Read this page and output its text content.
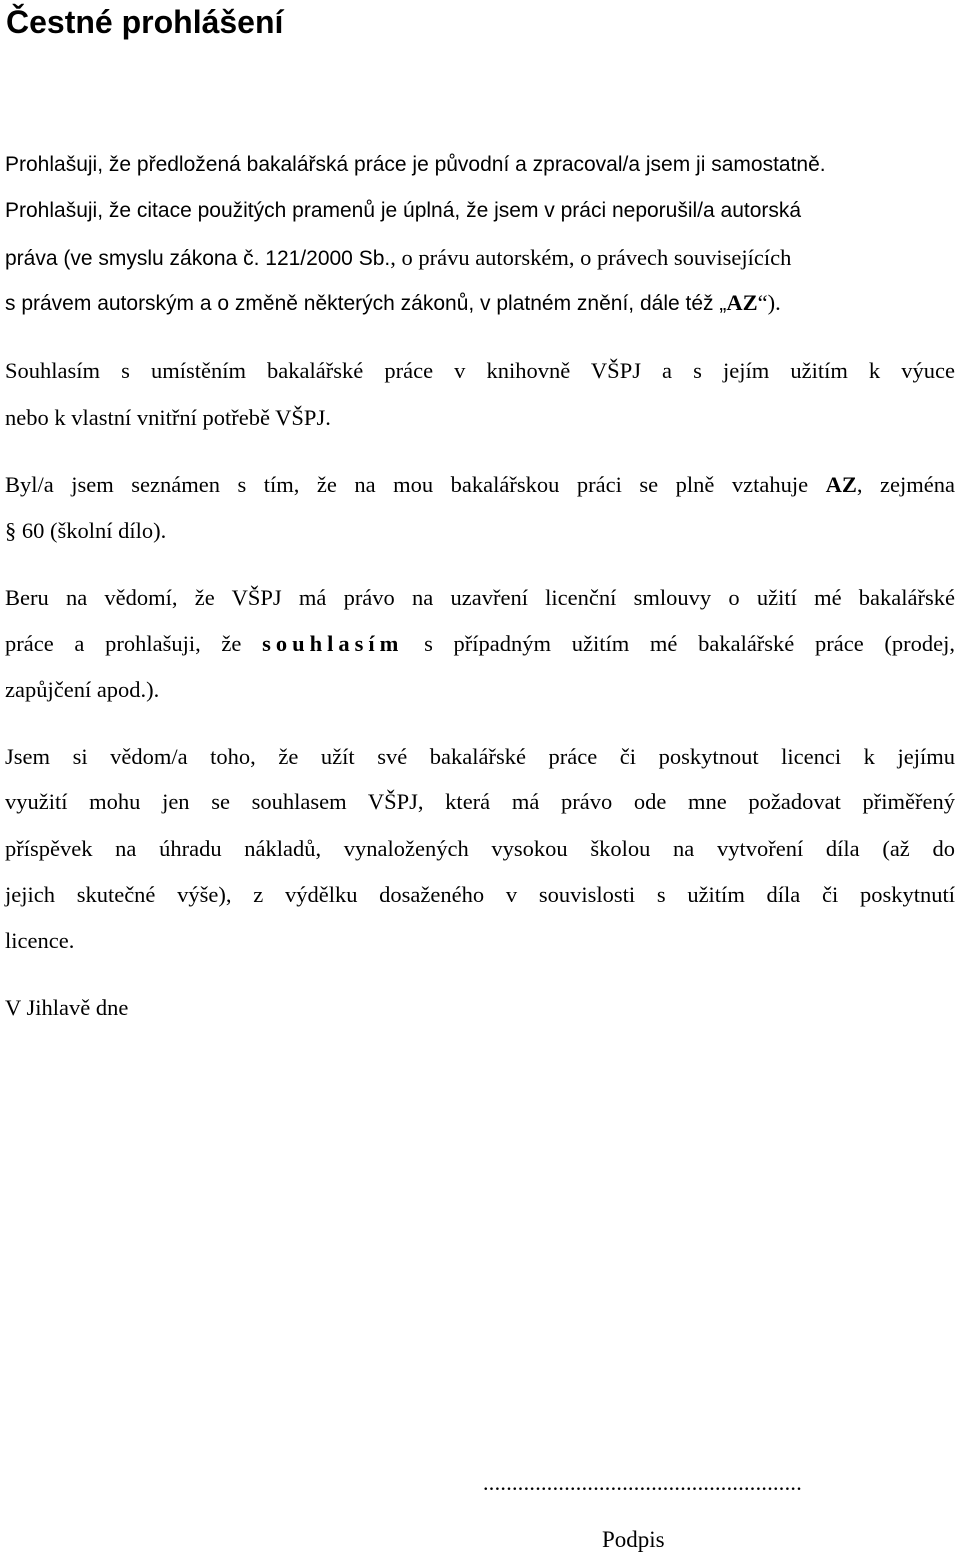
Čestné prohlášení
Prohlašuji, že předložená bakalářská práce je původní a zpracoval/a jsem ji samostatně.
Prohlašuji, že citace použitých pramenů je úplná, že jsem v práci neporušil/a autorská
práva (ve smyslu zákona č. 121/2000 Sb., o právu autorském, o právech souvisejících
s právem autorským a o změně některých zákonů, v platném znění, dále též „AZ“).
Souhlasím s umístěním bakalářské práce v knihovně VŠPJ a s jejím užitím k výuce
nebo k vlastní vnitřní potřebě VŠPJ.
Byl/a jsem seznámen s tím, že na mou bakalářskou práci se plně vztahuje AZ, zejména
§ 60 (školní dílo).
Beru na vědomí, že VŠPJ má právo na uzavření licenční smlouvy o užití mé bakalářské
práce a prohlašuji, že souhlasím s případným užitím mé bakalářské práce (prodej,
zapůjčení apod.).
Jsem si vědom/a toho, že užít své bakalářské práce či poskytnout licenci k jejímu
využití mohu jen se souhlasem VŠPJ, která má právo ode mne požadovat přiměřený
příspěvek na úhradu nákladů, vynaložených vysokou školou na vytvoření díla (až do
jejich skutečné výše), z výdělku dosaženého v souvislosti s užitím díla či poskytnutí
licence.
V Jihlavě dne
.......................................................
Podpis
